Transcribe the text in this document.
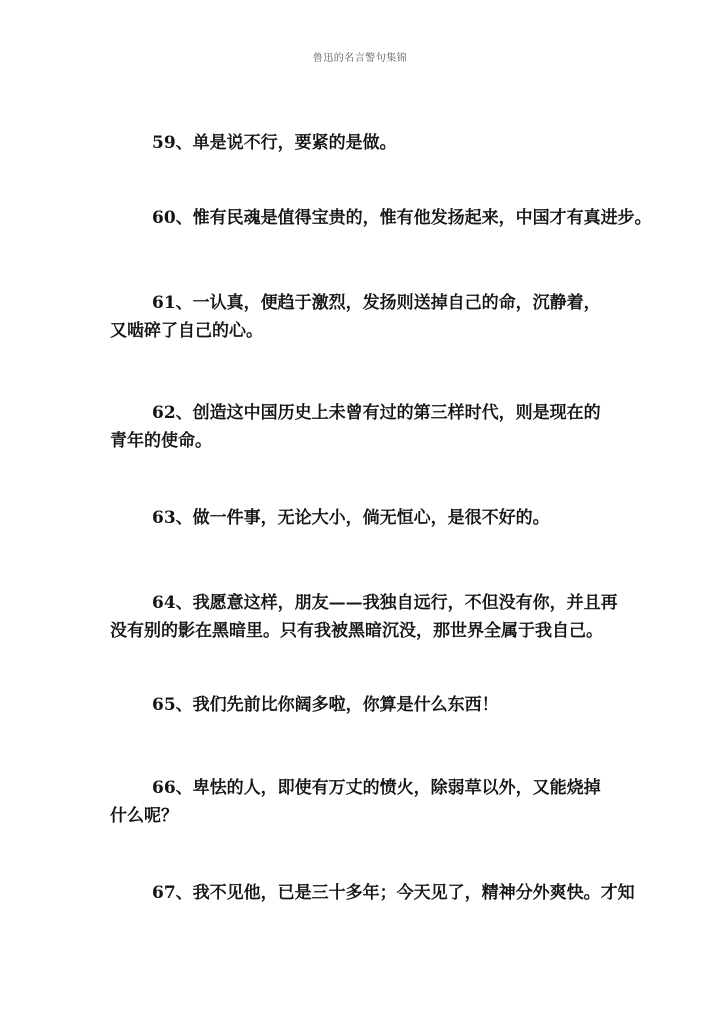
鲁迅的名言警句集锦
59、单是说不行，要紧的是做。
60、惟有民魂是值得宝贵的，惟有他发扬起来，中国才有真进步。
61、一认真，便趋于激烈，发扬则送掉自己的命，沉静着，
又啮碎了自己的心。
62、创造这中国历史上未曾有过的第三样时代，则是现在的
青年的使命。
63、做一件事，无论大小，倘无恒心，是很不好的。
64、我愿意这样，朋友——我独自远行，不但没有你，并且再
没有别的影在黑暗里。只有我被黑暗沉没，那世界全属于我自己。
65、我们先前比你阔多啦，你算是什么东西！
66、卑怯的人，即使有万丈的愤火，除弱草以外，又能烧掉
什么呢？
67、我不见他，已是三十多年；今天见了，精神分外爽快。才知
